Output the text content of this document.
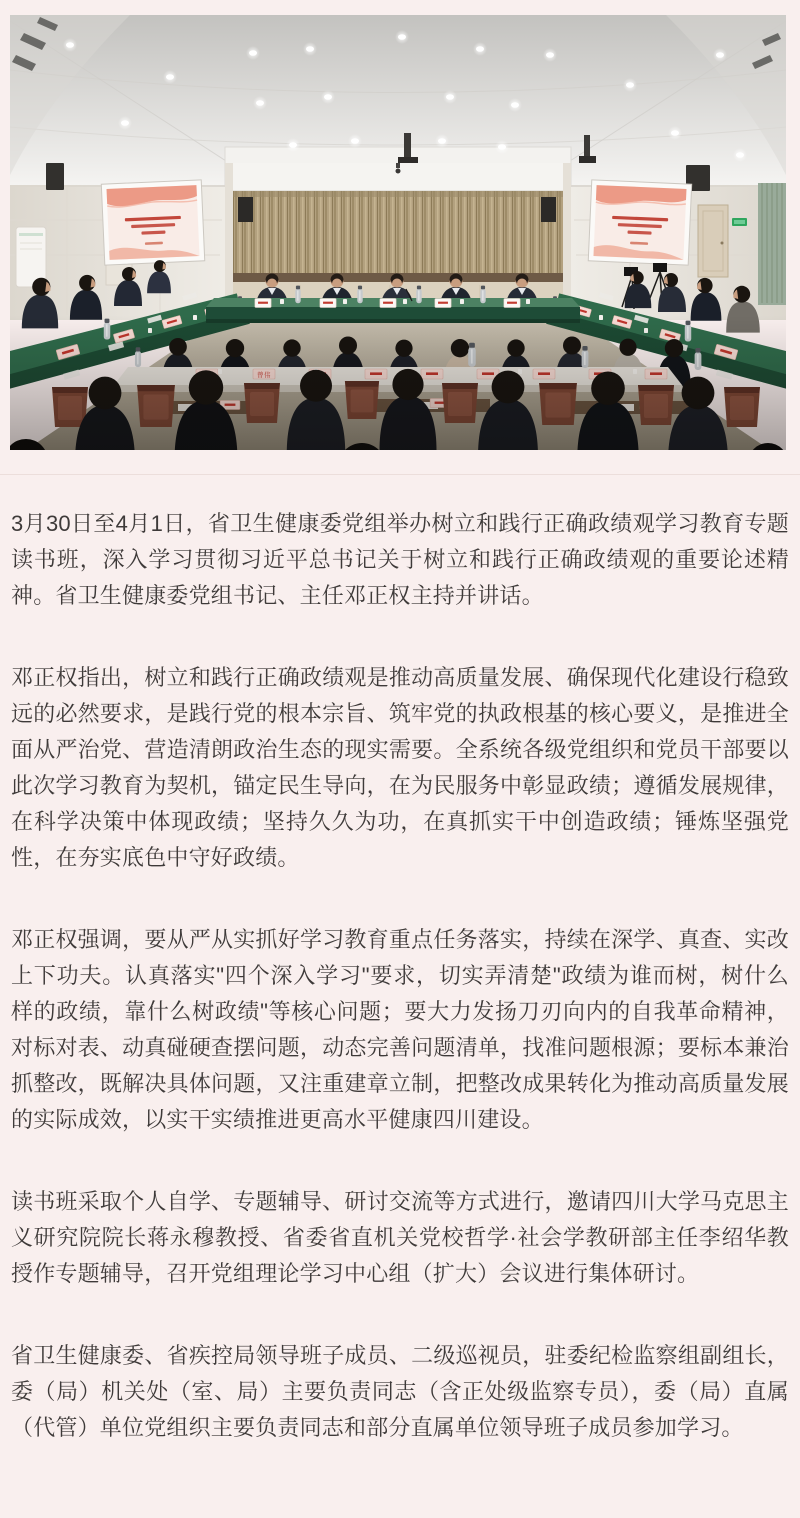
3月30日至4月1日，省卫生健康委党组举办树立和践行正确政绩观学习教育专题读书班，深入学习贯彻习近平总书记关于树立和践行正确政绩观的重要论述精神。省卫生健康委党组书记、主任邓正权主持并讲话。

邓正权指出，树立和践行正确政绩观是推动高质量发展、确保现代化建设行稳致远的必然要求，是践行党的根本宗旨、筑牢党的执政根基的核心要义，是推进全面从严治党、营造清朗政治生态的现实需要。全系统各级党组织和党员干部要以此次学习教育为契机，锚定民生导向，在为民服务中彰显政绩；遵循发展规律，在科学决策中体现政绩；坚持久久为功，在真抓实干中创造政绩；锤炼坚强党性，在夯实底色中守好政绩。

邓正权强调，要从严从实抓好学习教育重点任务落实，持续在深学、真查、实改上下功夫。认真落实"四个深入学习"要求，切实弄清楚"政绩为谁而树，树什么样的政绩，靠什么树政绩"等核心问题；要大力发扬刀刃向内的自我革命精神，对标对表、动真碰硬查摆问题，动态完善问题清单，找准问题根源；要标本兼治抓整改，既解决具体问题，又注重建章立制，把整改成果转化为推动高质量发展的实际成效，以实干实绩推进更高水平健康四川建设。

读书班采取个人自学、专题辅导、研讨交流等方式进行，邀请四川大学马克思主义研究院院长蒋永穆教授、省委省直机关党校哲学·社会学教研部主任李绍华教授作专题辅导，召开党组理论学习中心组（扩大）会议进行集体研讨。

省卫生健康委、省疾控局领导班子成员、二级巡视员，驻委纪检监察组副组长，委（局）机关处（室、局）主要负责同志（含正处级监察专员），委（局）直属（代管）单位党组织主要负责同志和部分直属单位领导班子成员参加学习。
